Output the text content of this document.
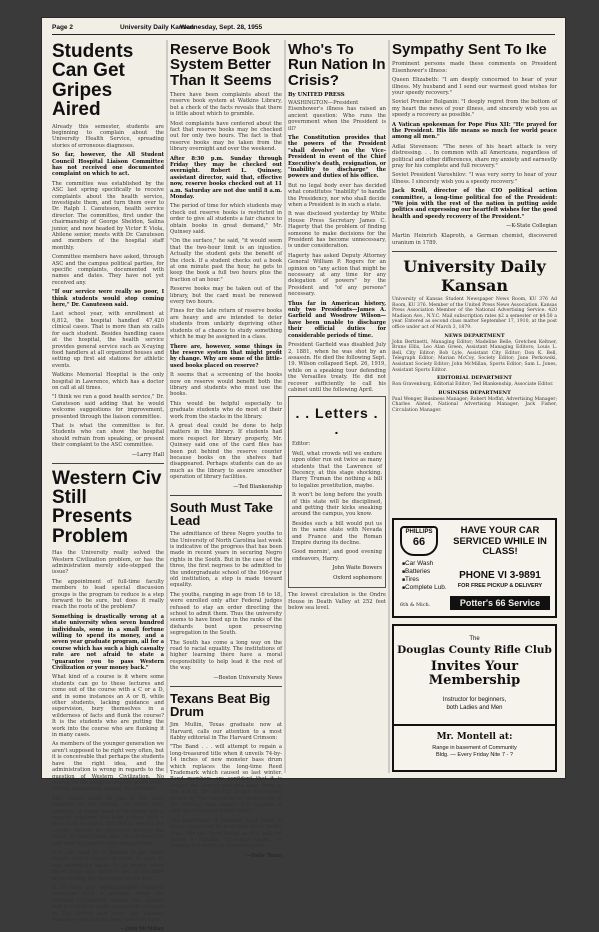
Page 2	University Daily Kansan
Wednesday, Sept. 28, 1955
Students Can Get Gripes Aired

Already this semester, students are beginning to complain about the University Health Service, spreading stories of erroneous diagnoses.

So far, however, the All Student Council Hospital Liaison Committee has not received one documented complaint on which to act.

The committee was established by the ASC last spring specifically to receive complaints about the health service, investigate them, and turn them over to Dr. Ralph I. Canuteson, health service director. The committee, first under the chairmanship of George Sheldon, Salina junior, and now headed by Victor E Viola, Abilene senior, meets with Dr. Canuteson and members of the hospital staff monthly.

Committee members have asked, through ASC and the campus political parties, for specific complaints, documented with names and dates. They have not yet received any.

"If our service were really so poor, I think students would stop coming here," Dr. Canuteson said.

Last school year, with enrollment at 6,812, the hospital handled 47,420 clinical cases. That is more than six calls for each student. Besides handling cases at the hospital, the health service provides general service such as X-raying food handlers at all organized houses and setting up first aid stations for athletic events.

Watkins Memorial Hospital is the only hospital in Lawrence, which has a doctor on call at all times.

"I think we run a good health service," Dr. Canuteson said adding that he would welcome suggestions for improvement, presented through the liaison committee.

That is what the committee is for. Students who can show the hospital should refrain from speaking, or present their complaint to the ASC committee.

—Larry Hall
Western Civ Still Presents Problem

Has the University really solved the Western Civilization problem, or has the administration merely side-stepped the issue?

The appointment of full-time faculty members to lead special discussion groups is the program to reduce is a step forward to be sure, but does it really reach the roots of the problem?

Something is drastically wrong at a state university when seven hundred individuals, some in a small fortune willing to spend its money, and a seven year graduate program, all for a course which has such a high casualty rate are not afraid to state a "guarantee you to pass Western Civilization or your money back."

What kind of a course is it where some students can go to these lectures and come out of the course with a C or a D, and in some instances an A or B, while other students, lacking guidance and supervision, bury themselves in a wilderness of facts and flunk the course? It is the students who are putting the work into the course who are flunking it in many cases.

As members of the younger generation we aren't supposed to be right very often, but it is conceivable that perhaps the students have the right idea, and the administration is wrong in regards to the question of Western Civilization. No course on the campus arouses more wide-spread antagonism among the students.

The course could be one of the most valuable in the school. To fulfill this, however, it would have to be made into a regular required five hour course with a good lecture series. For better results the course should be required during the junior or senior year, after the student has had time to acquire some background.

It is not right for a student to pay extra money into a course in order to pass it, and something seems to be wrong when these notes and lectures are as accurate in predicting the questions on the test.

It is time the administration adopted measures with a mistake when the Western Civilization course was started and it is time to make reasonable changes in the series and drop the halfway measures which have been taken to date.

—John McMillan
Reserve Book System Better Than It Seems

There have been complaints about the reserve book system at Watkins Library, but a check of the facts reveals that there is little about which to grumble.

Most complaints have centered about the fact that reserve books may be checked out for only two hours. The fact is that reserve books may be taken from the library overnight and over the weekend.

After 8:30 p.m. Sunday through Friday they may be checked out overnight. Robert L. Quinsey, assistant director, said that, effective now, reserve books checked out at 11 a.m. Saturday are not due until 8 a.m. Monday.

The period of time for which students may check out reserve books is restricted in order to give all students a fair chance to obtain books in great demand," Mr. Quinsey said.

"On the surface," he said, "it would seem that the two-hour limit is an injustice. Actually the student gets the benefit of the clock. If a student checks out a book at one minute past the hour, he gets to keep the book a full two hours plus the fraction of an hour."

Reserve books may be taken out of the library, but the card must be renewed every two hours.

Fines for the late return of reserve books are heavy and are intended to deter students from unfairly depriving other students of a chance to study something which he may be assigned in a class.

There are, however, some things in the reserve system that might profit by change. Why are some of the little-used books placed on reserve?

It seems that a screening of the books now on reserve would benefit both the library and students who must use the books.

This would be helpful especially to graduate students who do most of their work from the stacks in the library.

A great deal could be done to help matters in the library. If students had more respect for library property, Mr. Quinsey said one of the card files has been put behind the reserve counter because books on the shelves had disappeared. Perhaps students can do as much as the library to assure smoother operation of library facilities.

—Ted Blankenship
South Must Take Lead

The admittance of three Negro youths to the University of North Carolina last week is indicative of the progress that has been made in recent years in securing Negro rights in the South. But in the case of the three, the first negroes to be admitted to the undergraduate school of the 166-year old institution, a step is made toward equality.

The youths, ranging in age from 16 to 18, were enrolled only after Federal judges refused to stay an order directing the school to admit them. Thus the university seems to have lined up in the ranks of the diehards bent upon preserving segregation in the South.

The South has come a long way on the road to racial equality. The institutions of higher learning there have a moral responsibility to help lead it the rest of the way.

—Boston University News
Texans Beat Big Drum

Jim Mullin, Texas graduate now at Harvard, calls our attention to a most flabby editorial in The Harvard Crimson:

"The Band . . . will attempt to regain a long-treasured title when it unveils 74-by-14 inches of new monster bass drum which replaces the long-time Reed Trademark which caused so last winter. Band members are confident that it is indeed the largest playable bass drum in the world, the slightly larger instrument owned by The University of Texas is not of the rattling, they assert—it is capable of only an occasional flabby thud."

The gentlemen of Harvard must come to Texas sometime to hear this most flabby thud. For this thud flabby as it is may be heard a reliable thousand yards, or roughly the width of Massachusetts.

—Daily Texan
Who's To Run Nation In Crisis?
By UNITED PRESS

WASHINGTON—President Eisenhower's illness has raised an ancient question: Who runs the government when the President is ill?

The Constitution provides that the powers of the President "shall devolve" on the Vice-President in event of the Chief Executive's death, resignation, or "inability to discharge" the powers and duties of his office.

But no legal body ever has decided what constitutes "inability" to handle the Presidency, nor who shall decide when a President is in such a state.

It was disclosed yesterday by White House Press Secretary James C. Hagerty that the problem of finding someone to make decisions for the President has become unnecessary, is under consideration.

Hagerty has asked Deputy Attorney General William P. Rogers for an opinion on "any action that might be necessary at any time for any delegation of powers" by the President and "of any persons" necessary.

Thus far in American history, only two Presidents—James A. Garfield and Woodrow Wilson—have been unable to discharge their official duties for considerable periods of time.

President Garfield was disabled July 2, 1881, when he was shot by an assassin. He died the following Sept. 19. Wilson collapsed Sept. 26, 1919, while on a speaking tour defending the Versailles treaty. He did not recover sufficiently to call his cabinet until the following April.

. . Letters . .

Editor:

Well, what crowds will we endure upon older run out twice as many students that the Lawrence of Decency, at this stage shocking. Harry Truman the nothing a bill to legalize prostitution, maybe.

It won't be long before the youth of this state will be disciplined, and getting their kicks sneaking around the campus, you know.

Besides such a bill would put us in the same state with Nevada and France and the Roman Empire during its decline.

Good mornin', and good evening endeavors, Harry.

John Waite Bowers
Oxford sophomore

The lowest circulation is the Ondre House in Death Valley at 252 feet below sea level.

Sympathy Sent To Ike

Prominent persons made these comments on President Eisenhower's illness:

Queen Elizabeth: "I am deeply concerned to hear of your illness. My husband and I send our warmest good wishes for your speedy recovery."

Soviet Premier Bulganin: "I deeply regret from the bottom of my heart the news of your illness, and sincerely wish you as speedy a recovery as possible."

A Vatican spokesman for Pope Pius XII: "He prayed for the President. His life means so much for world peace among all men."

Adlai Stevenson: "The news of his heart attack is very distressing. . . In common with all Americans, regardless of political and other differences, share my anxiety and earnestly pray for his complete and full recovery."

Soviet President Varoshilov: "I was very sorry to hear of your illness. I sincerely wish you a speedy recovery."

Jack Kroll, director of the CIO political action committee, a long-time political foe of the President: "We join with the rest of the nation in putting aside politics and expressing our heartfelt wishes for the good health and speedy recovery of the President."

—K-State Collegian

Martin Heinrich Klaproth, a German chemist, discovered uranium in 1789.

University Daily Kansan

University of Kansas Student Newspaper News Room, KU 376 Ad Room, KU 376. Member of the United Press News Association. Kansas Press Association Member of the National Advertising Service. 420 Madison Ave., N.Y.C. Mail subscription rates $2 a semester or $4.50 a year. Entered as second class matter September 17, 1910, at the post office under act of March 3, 1879.

NEWS DEPARTMENT

John Bertinetti, Managing Editor; Madeline Belle, Gretchen Keltner, Bruno Ellis, Leo Alan Green, Assistant Managing Editors; Louis L. Bell, City Editor; Bob Lyle, Assistant City Editor; Don K. Bell, Telegraph Editor; Marian McCoy, Society Editor; June Perkowski, Assistant Society Editor; John McMillan, Sports Editor; Sam L. Jones, Assistant Sports Editor.

EDITORIAL DEPARTMENT

Ron Gravenburg, Editorial Editor; Ted Blankenship, Associate Editor.

BUSINESS DEPARTMENT

Paul Wenger, Business Manager; Robert Moffat, Advertising Manager; Charles Alsted, National Advertising Manager; Jack Fisher, Circulation Manager.

PHILLIPS
66
■ Car Wash
■ Batteries
■ Tires
■ Complete Lub.
6th & Mich.
HAVE YOUR CAR SERVICED WHILE IN CLASS!
PHONE VI 3-9891
FOR FREE PICKUP & DELIVERY
Potter's 66 Service
The
Douglas County Rifle Club
Invites Your Membership
Instructor for beginners,
both Ladies and Men
Mr. Montell at:
Range in basement of Community
Bldg. — Every Friday Nite 7 - ?
